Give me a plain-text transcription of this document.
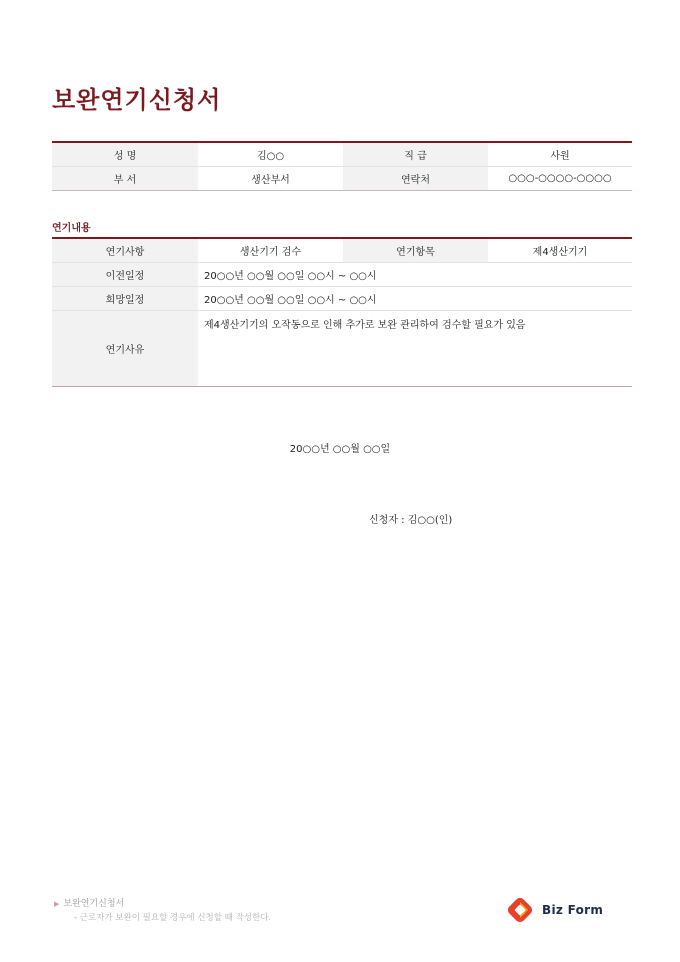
보완연기신청서
성 명	김○○	직 급	사원
부 서	생산부서	연락처	○○○-○○○○-○○○○
연기내용
연기사항	생산기기 검수	연기항목	제4생산기기
이전일정	20○○년 ○○월 ○○일 ○○시 ~ ○○시		
희망일정	20○○년 ○○월 ○○일 ○○시 ~ ○○시		
연기사유	제4생산기기의 오작동으로 인해 추가로 보완 관리하여 검수할 필요가 있음		
20○○년 ○○월 ○○일
신청자 : 김○○(인)
▶ 보완연기신청서
- 근로자가 보완이 필요할 경우에 신청할 때 작성한다.
Biz Form
